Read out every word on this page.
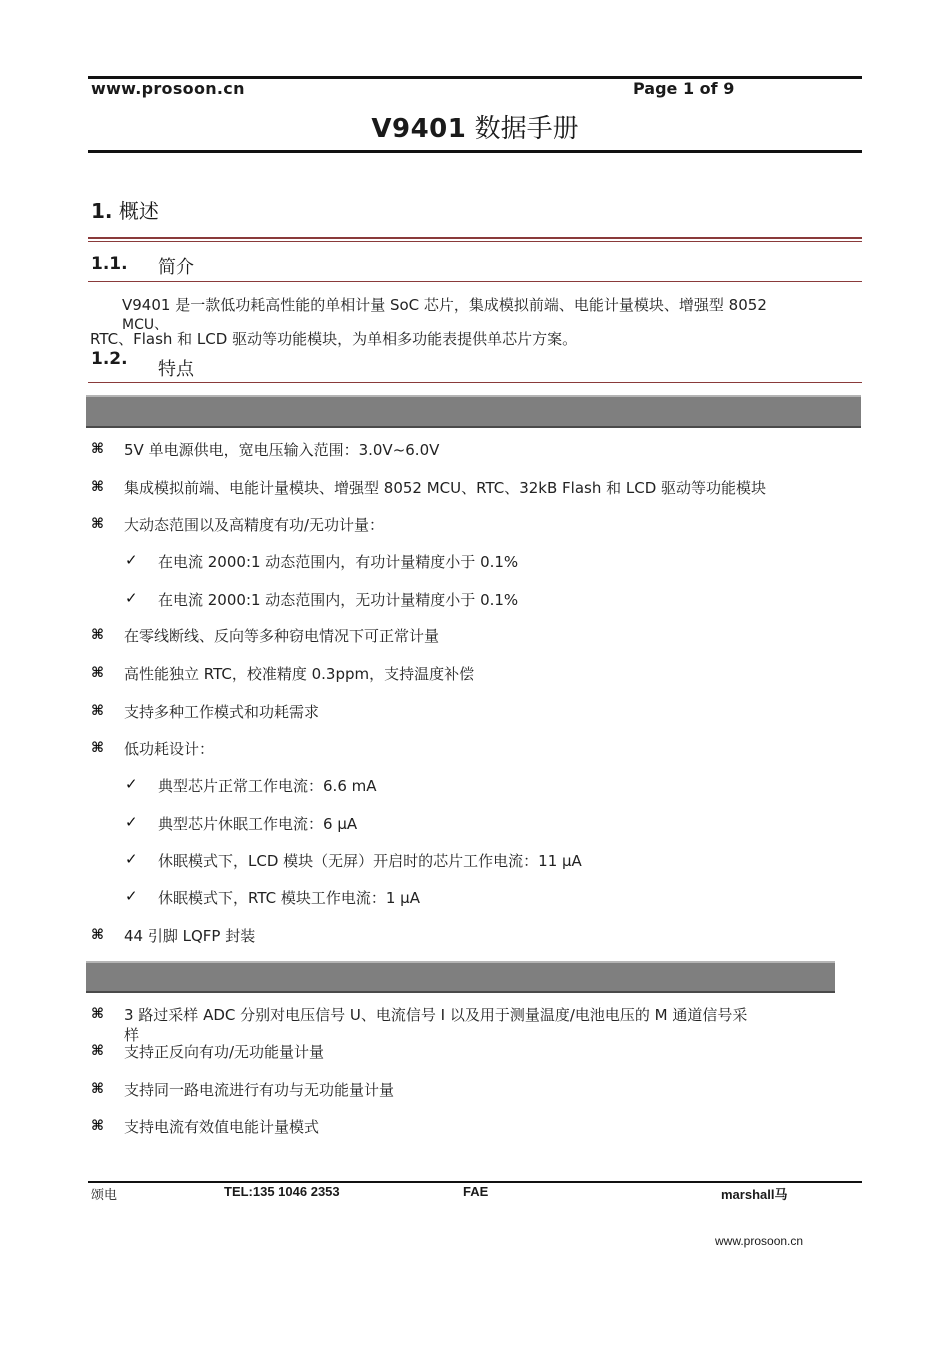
www.prosoon.cn	Page 1 of 9
V9401 数据手册
1. 概述
1.1. 简介
V9401 是一款低功耗高性能的单相计量 SoC 芯片，集成模拟前端、电能计量模块、增强型 8052
MCU、
RTC、Flash 和 LCD 驱动等功能模块，为单相多功能表提供单芯片方案。
1.2. 特点
⌘ 5V 单电源供电，宽电压输入范围：3.0V~6.0V
⌘ 集成模拟前端、电能计量模块、增强型 8052 MCU、RTC、32kB Flash 和 LCD 驱动等功能模块
⌘ 大动态范围以及高精度有功/无功计量：
✓ 在电流 2000:1 动态范围内，有功计量精度小于 0.1%
✓ 在电流 2000:1 动态范围内，无功计量精度小于 0.1%
⌘ 在零线断线、反向等多种窃电情况下可正常计量
⌘ 高性能独立 RTC，校准精度 0.3ppm，支持温度补偿
⌘ 支持多种工作模式和功耗需求
⌘ 低功耗设计：
✓ 典型芯片正常工作电流：6.6 mA
✓ 典型芯片休眠工作电流：6 μA
✓ 休眠模式下，LCD 模块（无屏）开启时的芯片工作电流：11 μA
✓ 休眠模式下，RTC 模块工作电流：1 μA
⌘ 44 引脚 LQFP 封装
⌘ 3 路过采样 ADC 分别对电压信号 U、电流信号 I 以及用于测量温度/电池电压的 M 通道信号采
样
⌘ 支持正反向有功/无功能量计量
⌘ 支持同一路电流进行有功与无功能量计量
⌘ 支持电流有效值电能计量模式
颂电	TEL:135 1046 2353	FAE	marshall马
www.prosoon.cn
